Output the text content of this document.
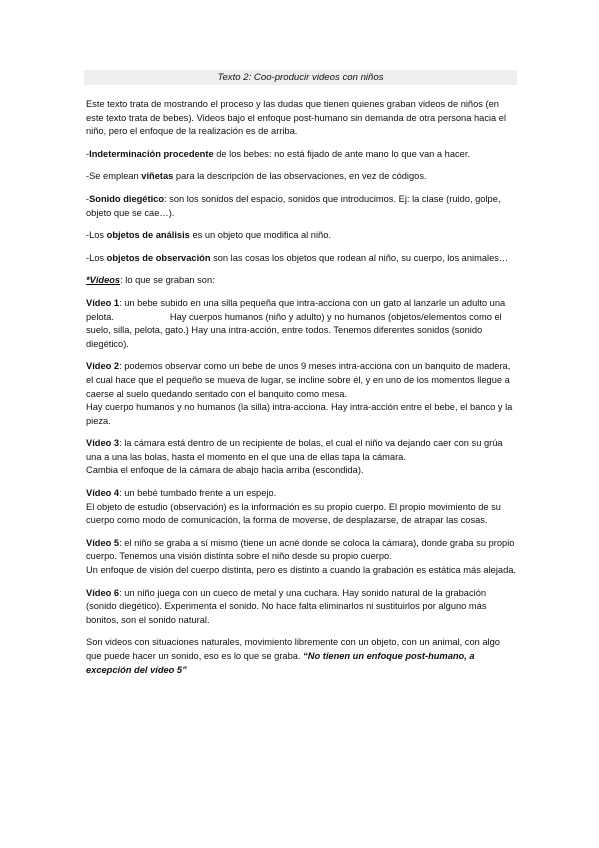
Texto 2: Coo-producir videos con niños

Este texto trata de mostrando el proceso y las dudas que tienen quienes graban videos de niños (en este texto trata de bebes). Videos bajo el enfoque post-humano sin demanda de otra persona hacia el niño, pero el enfoque de la realización es de arriba.

-Indeterminación procedente de los bebes: no está fijado de ante mano lo que van a hacer.

-Se emplean viñetas para la descripción de las observaciones, en vez de códigos.

-Sonido diegético: son los sonidos del espacio, sonidos que introducimos. Ej: la clase (ruido, golpe, objeto que se cae…).

-Los objetos de análisis es un objeto que modifica al niño.

-Los objetos de observación son las cosas los objetos que rodean al niño, su cuerpo, los animales…

*Vídeos: lo que se graban son:

Vídeo 1: un bebe subido en una silla pequeña que intra-acciona con un gato al lanzarle un adulto una pelota.	Hay cuerpos humanos (niño y adulto) y no humanos (objetos/elementos como el suelo, silla, pelota, gato.) Hay una intra-acción, entre todos. Tenemos diferentes sonidos (sonido diegético).

Vídeo 2: podemos observar como un bebe de unos 9 meses intra-acciona con un banquito de madera, el cual hace que el pequeño se mueva de lugar, se incline sobre él, y en uno de los momentos llegue a caerse al suelo quedando sentado con el banquito como mesa.
Hay cuerpo humanos y no humanos (la silla) intra-acciona. Hay intra-acción entre el bebe, el banco y la pieza.

Vídeo 3: la cámara está dentro de un recipiente de bolas, el cual el niño va dejando caer con su grúa una a una las bolas, hasta el momento en el que una de ellas tapa la cámara.
Cambia el enfoque de la cámara de abajo hacia arriba (escondida).

Vídeo 4: un bebé tumbado frente a un espejo.
El objeto de estudio (observación) es la información es su propio cuerpo. El propio movimiento de su cuerpo como modo de comunicación, la forma de moverse, de desplazarse, de atrapar las cosas.

Vídeo 5: el niño se graba a sí mismo (tiene un acné donde se coloca la cámara), donde graba su propio cuerpo. Tenemos una visión distinta sobre el niño desde su propio cuerpo.
Un enfoque de visión del cuerpo distinta, pero es distinto a cuando la grabación es estática más alejada.

Vídeo 6: un niño juega con un cueco de metal y una cuchara. Hay sonido natural de la grabación (sonido diegético). Experimenta el sonido. No hace falta eliminarlos ni sustituirlos por alguno más bonitos, son el sonido natural.

Son videos con situaciones naturales, movimiento libremente con un objeto, con un animal, con algo que puede hacer un sonido, eso es lo que se graba. “No tienen un enfoque post-humano, a excepción del vídeo 5”
